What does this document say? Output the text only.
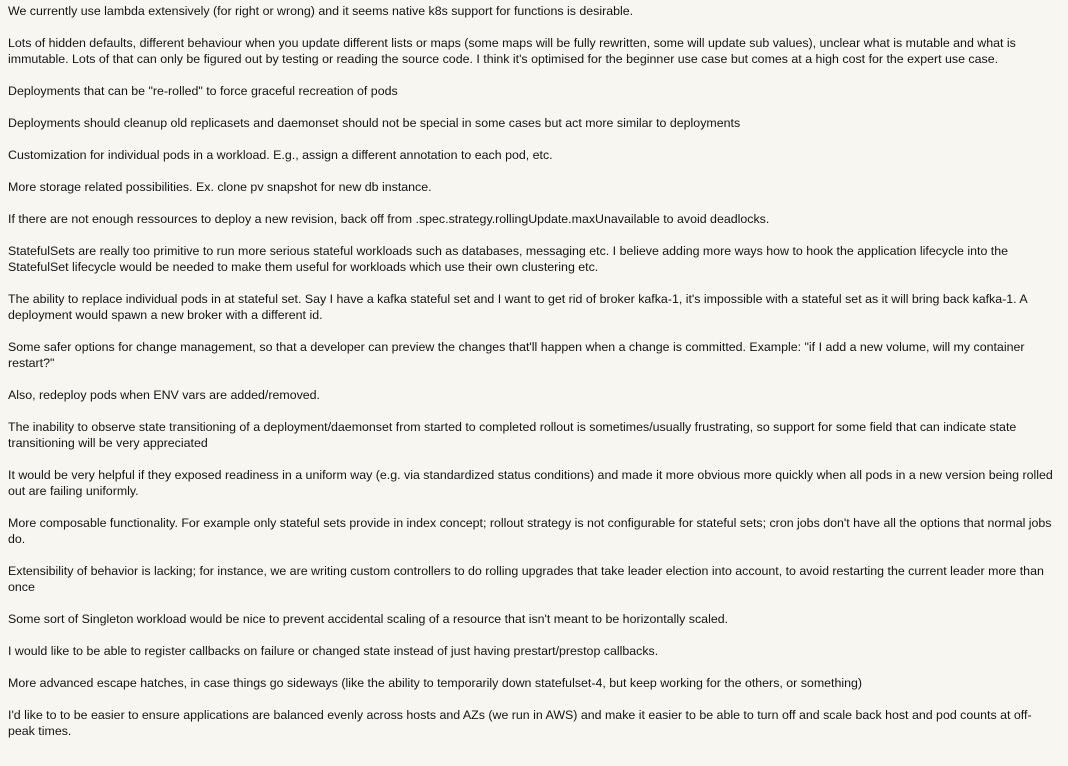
We currently use lambda extensively (for right or wrong) and it seems native k8s support for functions is desirable.

Lots of hidden defaults, different behaviour when you update different lists or maps (some maps will be fully rewritten, some will update sub values), unclear what is mutable and what is immutable. Lots of that can only be figured out by testing or reading the source code. I think it's optimised for the beginner use case but comes at a high cost for the expert use case.

Deployments that can be "re-rolled" to force graceful recreation of pods

Deployments should cleanup old replicasets and daemonset should not be special in some cases but act more similar to deployments

Customization for individual pods in a workload. E.g., assign a different annotation to each pod, etc.

More storage related possibilities. Ex. clone pv snapshot for new db instance.

If there are not enough ressources to deploy a new revision, back off from .spec.strategy.rollingUpdate.maxUnavailable to avoid deadlocks.

StatefulSets are really too primitive to run more serious stateful workloads such as databases, messaging etc. I believe adding more ways how to hook the application lifecycle into the StatefulSet lifecycle would be needed to make them useful for workloads which use their own clustering etc.

The ability to replace individual pods in at stateful set. Say I have a kafka stateful set and I want to get rid of broker kafka-1, it's impossible with a stateful set as it will bring back kafka-1. A deployment would spawn a new broker with a different id.

Some safer options for change management, so that a developer can preview the changes that'll happen when a change is committed. Example: "if I add a new volume, will my container restart?"

Also, redeploy pods when ENV vars are added/removed.

The inability to observe state transitioning of a deployment/daemonset from started to completed rollout is sometimes/usually frustrating, so support for some field that can indicate state transitioning will be very appreciated

It would be very helpful if they exposed readiness in a uniform way (e.g. via standardized status conditions) and made it more obvious more quickly when all pods in a new version being rolled out are failing uniformly.

More composable functionality. For example only stateful sets provide in index concept; rollout strategy is not configurable for stateful sets; cron jobs don't have all the options that normal jobs do.

Extensibility of behavior is lacking; for instance, we are writing custom controllers to do rolling upgrades that take leader election into account, to avoid restarting the current leader more than once

Some sort of Singleton workload would be nice to prevent accidental scaling of a resource that isn't meant to be horizontally scaled.

I would like to be able to register callbacks on failure or changed state instead of just having prestart/prestop callbacks.

More advanced escape hatches, in case things go sideways (like the ability to temporarily down statefulset-4, but keep working for the others, or something)

I'd like to to be easier to ensure applications are balanced evenly across hosts and AZs (we run in AWS) and make it easier to be able to turn off and scale back host and pod counts at off-peak times.
